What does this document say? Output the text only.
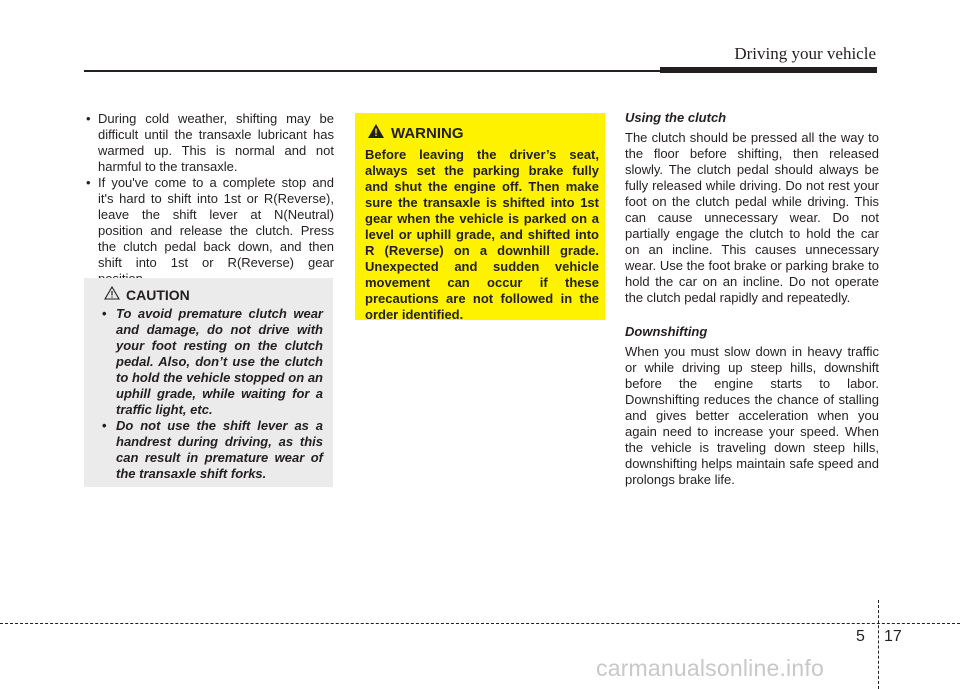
Driving your vehicle
• During cold weather, shifting may be difficult until the transaxle lubricant has warmed up. This is normal and not harmful to the transaxle.
• If you've come to a complete stop and it's hard to shift into 1st or R(Reverse), leave the shift lever at N(Neutral) position and release the clutch. Press the clutch pedal back down, and then shift into 1st or R(Reverse) gear
CAUTION
• To avoid premature clutch wear and damage, do not drive with your foot resting on the clutch pedal. Also, don’t use the clutch to hold the vehicle stopped on an uphill grade, while waiting for a traffic light, etc.
• Do not use the shift lever as a handrest during driving, as this can result in premature wear of the transaxle shift forks.
WARNING

Before leaving the driver’s seat, always set the parking brake fully and shut the engine off. Then make sure the transaxle is shifted into 1st gear when the vehicle is parked on a level or uphill grade, and shifted into R (Reverse) on a downhill grade. Unexpected and sudden vehicle movement can occur if these precautions are not followed in the order identified.

Using the clutch

The clutch should be pressed all the way to the floor before shifting, then released slowly. The clutch pedal should always be fully released while driving. Do not rest your foot on the clutch pedal while driving. This can cause unnecessary wear. Do not partially engage the clutch to hold the car on an incline. This causes unnecessary wear. Use the foot brake or parking brake to hold the car on an incline. Do not operate the clutch pedal rapidly and repeatedly.

Downshifting

When you must slow down in heavy traffic or while driving up steep hills, downshift before the engine starts to labor. Downshifting reduces the chance of stalling and gives better acceleration when you again need to increase your speed. When the vehicle is traveling down steep hills, downshifting helps maintain safe speed and prolongs brake life.

5 17
carmanualsonline.info
